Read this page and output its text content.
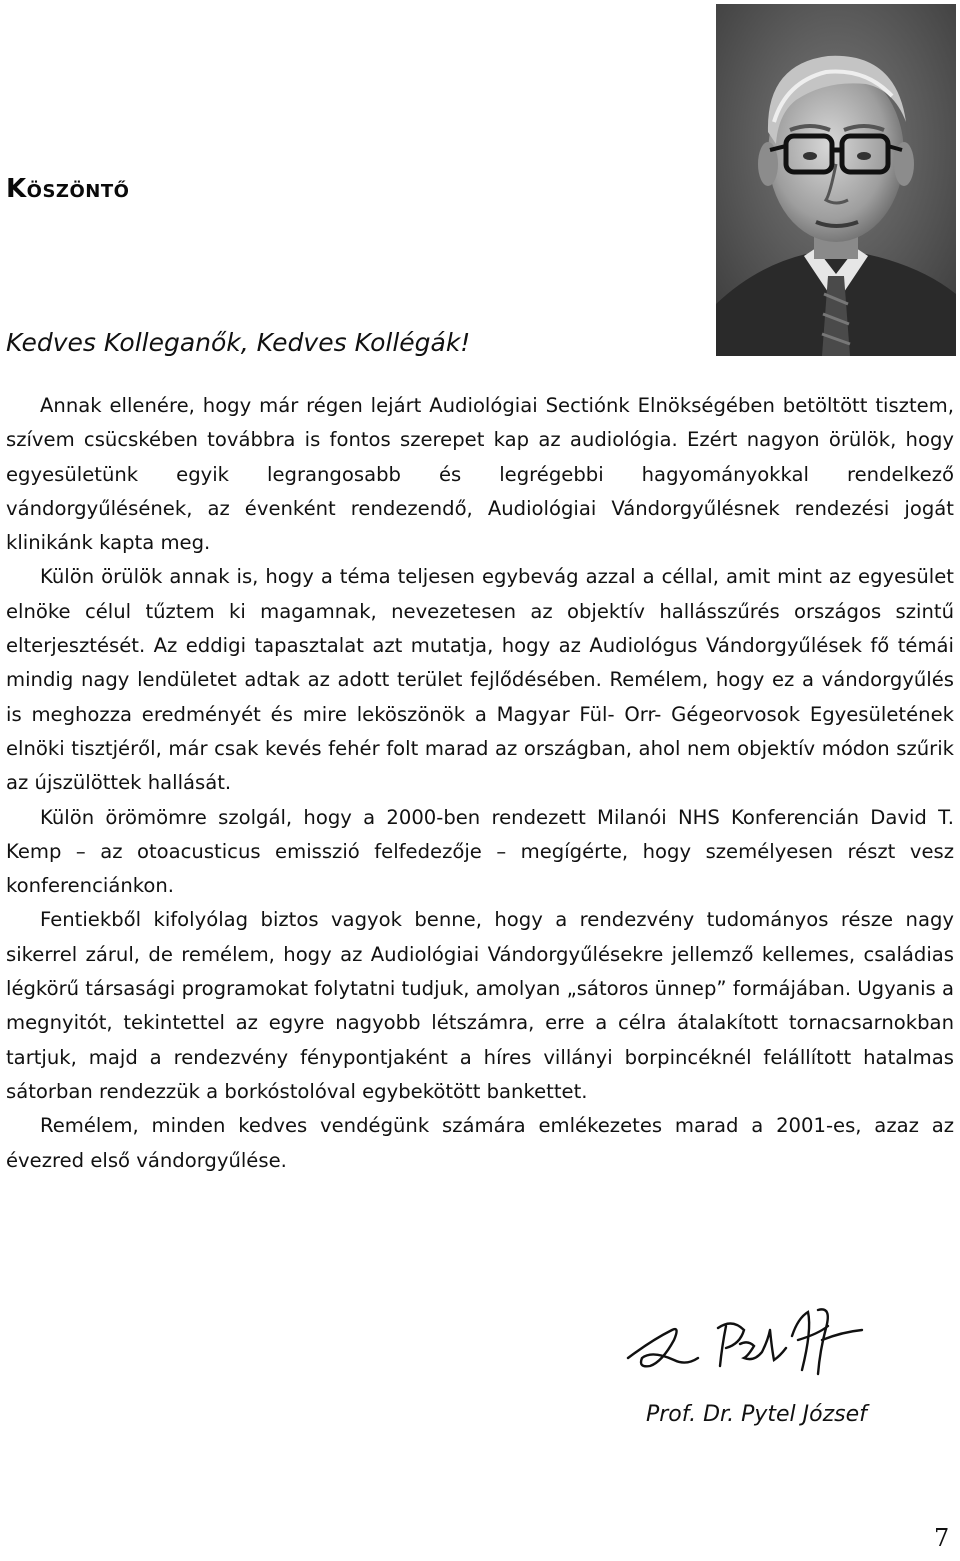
Köszöntő

Kedves Kolleganők, Kedves Kollégák!

Annak ellenére, hogy már régen lejárt Audiológiai Sectiónk Elnökségében betöltött tisztem, szívem csücskében továbbra is fontos szerepet kap az audiológia. Ezért nagyon örülök, hogy egyesületünk egyik legrangosabb és legrégebbi hagyományokkal rendelkező vándorgyűlésének, az évenként rendezendő, Audiológiai Vándorgyűlésnek rendezési jogát klinikánk kapta meg.

Külön örülök annak is, hogy a téma teljesen egybevág azzal a céllal, amit mint az egyesület elnöke célul tűztem ki magamnak, nevezetesen az objektív hallásszűrés országos szintű elterjesztését. Az eddigi tapasztalat azt mutatja, hogy az Audiológus Vándorgyűlések fő témái mindig nagy lendületet adtak az adott terület fejlődésében. Remélem, hogy ez a vándorgyűlés is meghozza eredményét és mire leköszönök a Magyar Fül- Orr- Gégeorvosok Egyesületének elnöki tisztjéről, már csak kevés fehér folt marad az országban, ahol nem objektív módon szűrik az újszülöttek hallását.

Külön örömömre szolgál, hogy a 2000-ben rendezett Milanói NHS Konferencián David T. Kemp – az otoacusticus emisszió felfedezője – megígérte, hogy személyesen részt vesz konferenciánkon.

Fentiekből kifolyólag biztos vagyok benne, hogy a rendezvény tudományos része nagy sikerrel zárul, de remélem, hogy az Audiológiai Vándorgyűlésekre jellemző kellemes, családias légkörű társasági programokat folytatni tudjuk, amolyan „sátoros ünnep” formájában. Ugyanis a megnyitót, tekintettel az egyre nagyobb létszámra, erre a célra átalakított tornacsarnokban tartjuk, majd a rendezvény fénypontjaként a híres villányi borpincéknél felállított hatalmas sátorban rendezzük a borkóstolóval egybekötött bankettet.

Remélem, minden kedves vendégünk számára emlékezetes marad a 2001-es, azaz az évezred első vándorgyűlése.

Prof. Dr. Pytel József
7
